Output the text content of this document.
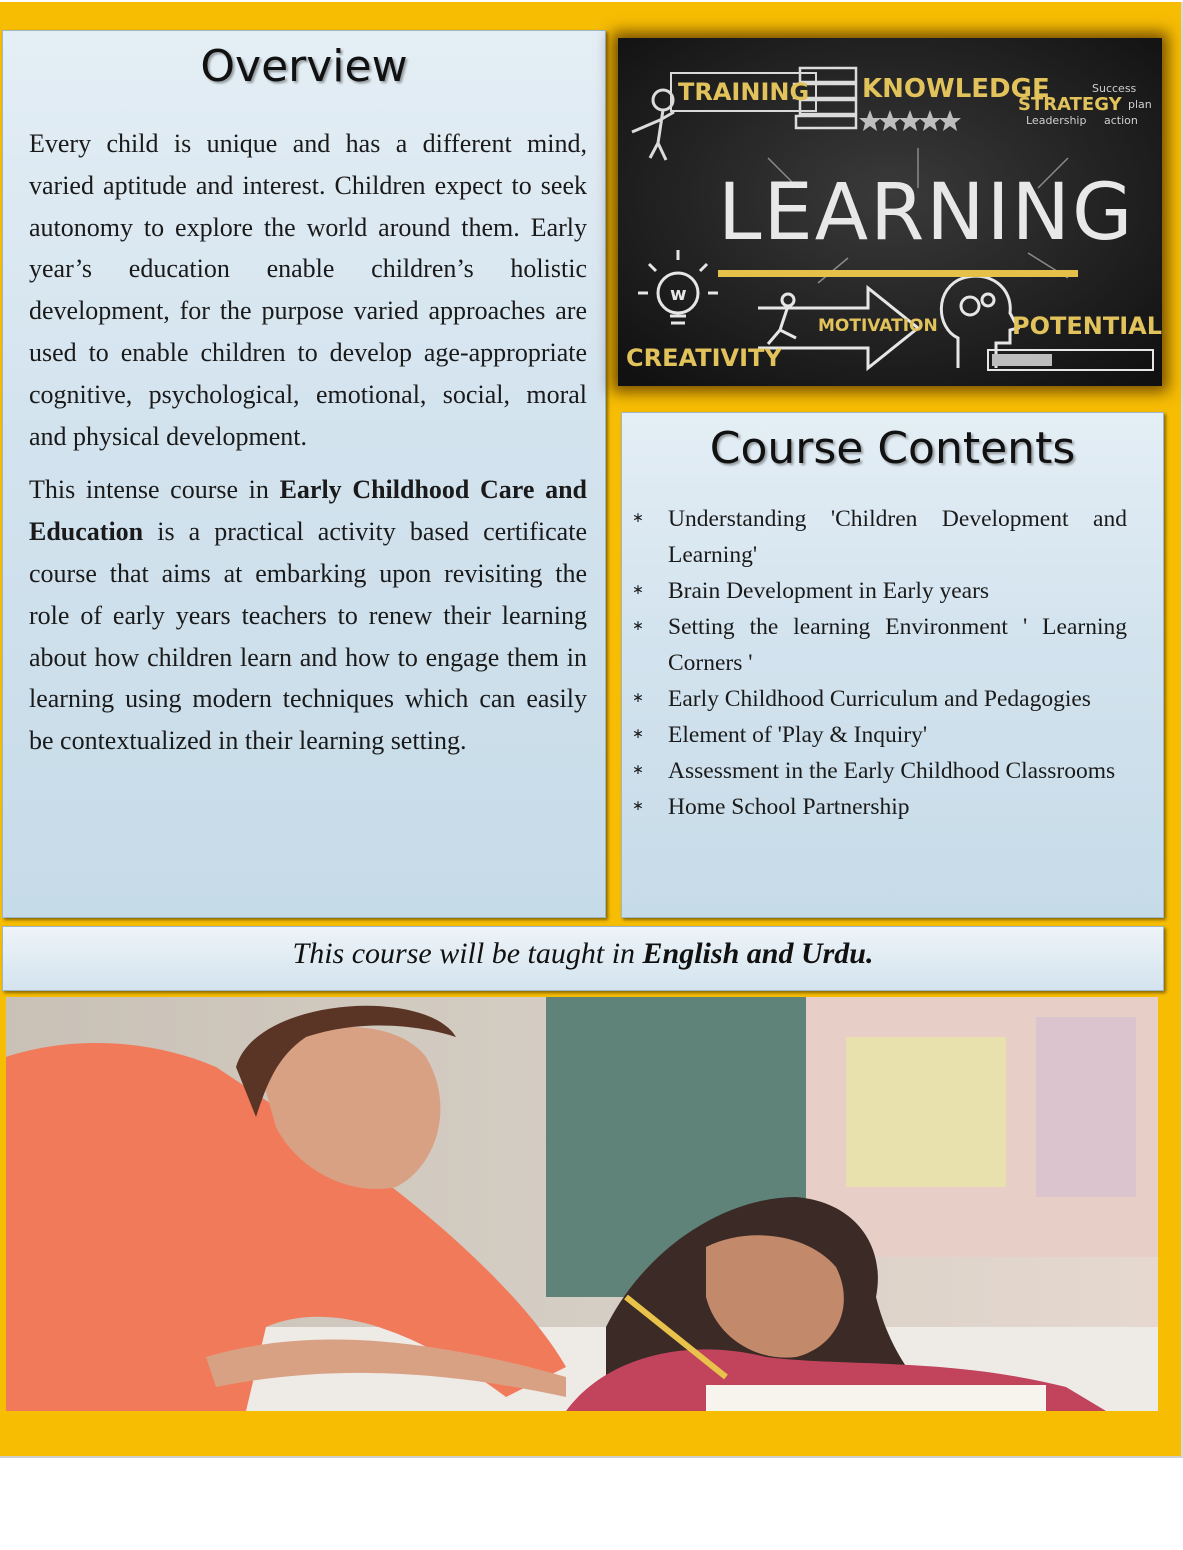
Overview

Every child is unique and has a different mind, varied aptitude and interest. Children expect to seek autonomy to explore the world around them. Early year’s education enable children’s holistic development, for the purpose varied approaches are used to enable children to develop age-appropriate cognitive, psychological, emotional, social, moral and physical development.

This intense course in Early Childhood Care and Education is a practical activity based certificate course that aims at embarking upon revisiting the role of early years teachers to renew their learning about how children learn and how to engage them in learning using modern techniques which can easily be contextualized in their learning setting.

w
TRAINING	KNOWLEDGE
STRATEGY
Success
plan
Leadership action
LEARNING
MOTIVATION	POTENTIAL
CREATIVITY
Course Contents
∗ Understanding 'Children Development and Learning'
∗ Brain Development in Early years
∗ Setting the learning Environment ' Learning Corners '
∗ Early Childhood Curriculum and Pedagogies
∗ Element of 'Play & Inquiry'
∗ Assessment in the Early Childhood Classrooms
∗ Home School Partnership
This course will be taught in English and Urdu.
